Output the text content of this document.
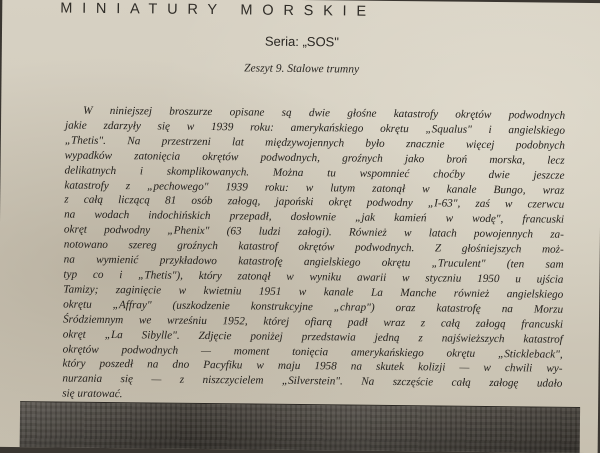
MINIATURY MORSKIE
Seria: „SOS"
Zeszyt 9. Stalowe trumny
W niniejszej broszurze opisane są dwie głośne katastrofy okrętów podwodnych
jakie zdarzyły się w 1939 roku: amerykańskiego okrętu „Squalus" i angielskiego
„Thetis". Na przestrzeni lat międzywojennych było znacznie więcej podobnych
wypadków zatonięcia okrętów podwodnych, groźnych jako broń morska, lecz
delikatnych i skomplikowanych. Można tu wspomnieć choćby dwie jeszcze
katastrofy z „pechowego" 1939 roku: w lutym zatonął w kanale Bungo, wraz
z całą liczącą 81 osób załogą, japoński okręt podwodny „I-63", zaś w czerwcu
na wodach indochińskich przepadł, dosłownie „jak kamień w wodę", francuski
okręt podwodny „Phenix" (63 ludzi załogi). Również w latach powojennych za-
notowano szereg groźnych katastrof okrętów podwodnych. Z głośniejszych moż-
na wymienić przykładowo katastrofę angielskiego okrętu „Truculent" (ten sam
typ co i „Thetis"), który zatonął w wyniku awarii w styczniu 1950 u ujścia
Tamizy; zaginięcie w kwietniu 1951 w kanale La Manche również angielskiego
okrętu „Affray" (uszkodzenie konstrukcyjne „chrap") oraz katastrofę na Morzu
Śródziemnym we wrześniu 1952, której ofiarą padł wraz z całą załogą francuski
okręt „La Sibylle". Zdjęcie poniżej przedstawia jedną z najświeższych katastrof
okrętów podwodnych — moment tonięcia amerykańskiego okrętu „Stickleback",
który poszedł na dno Pacyfiku w maju 1958 na skutek kolizji — w chwili wy-
nurzania się — z niszczycielem „Silverstein". Na szczęście całą załogę udało
się uratować.
